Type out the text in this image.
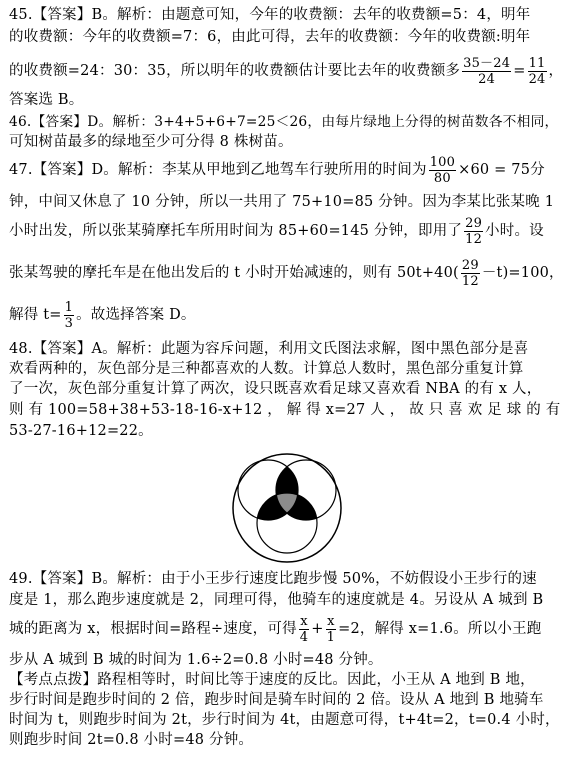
45.【答案】B。解析：由题意可知，今年的收费额：去年的收费额=5：4，明年
的收费额：今年的收费额=7：6，由此可得，去年的收费额：今年的收费额:明年
的收费额=24：30：35，所以明年的收费额估计要比去年的收费额多 $\frac{35-24}{24} = \frac{11}{24}$ ，
答案选 B。
46.【答案】D。解析：3+4+5+6+7=25＜26，由每片绿地上分得的树苗数各不相同，
可知树苗最多的绿地至少可分得 8 株树苗。
47.【答案】D。解析：李某从甲地到乙地驾车行驶所用的时间为 $\frac{100}{80} \times 60 = 75$分
钟，中间又休息了 10 分钟，所以一共用了 75+10=85 分钟。因为李某比张某晚 1
小时出发，所以张某骑摩托车所用时间为 85+60=145 分钟，即用了 $\frac{29}{12}$ 小时。设
张某驾驶的摩托车是在他出发后的 t 小时开始减速的，则有 $50t+40( \frac{29}{12} -t)=100$，
解得 $t= \frac{1}{3}$ 。故选择答案 D。
48.【答案】A。解析：此题为容斥问题，利用文氏图法求解，图中黑色部分是喜
欢看两种的，灰色部分是三种都喜欢的人数。计算总人数时，黑色部分重复计算
了一次，灰色部分重复计算了两次，设只既喜欢看足球又喜欢看 NBA 的有 x 人，
则 有 100=58+38+53-18-16-x+12 ， 解 得 x=27 人 ， 故 只 喜 欢 足 球 的 有
53-27-16+12=22。
49.【答案】B。解析：由于小王步行速度比跑步慢 50%，不妨假设小王步行的速
度是 1，那么跑步速度就是 2，同理可得，他骑车的速度就是 4。另设从 A 城到 B
城的距离为 x，根据时间=路程÷速度，可得 $\frac{x}{4} + \frac{x}{1} =2$，解得 x=1.6。所以小王跑
步从 A 城到 B 城的时间为 1.6÷2=0.8 小时=48 分钟。
【考点点拨】路程相等时，时间比等于速度的反比。因此，小王从 A 地到 B 地，
步行时间是跑步时间的 2 倍，跑步时间是骑车时间的 2 倍。设从 A 地到 B 地骑车
时间为 t，则跑步时间为 2t，步行时间为 4t，由题意可得，t+4t=2，t=0.4 小时，
则跑步时间 2t=0.8 小时=48 分钟。
